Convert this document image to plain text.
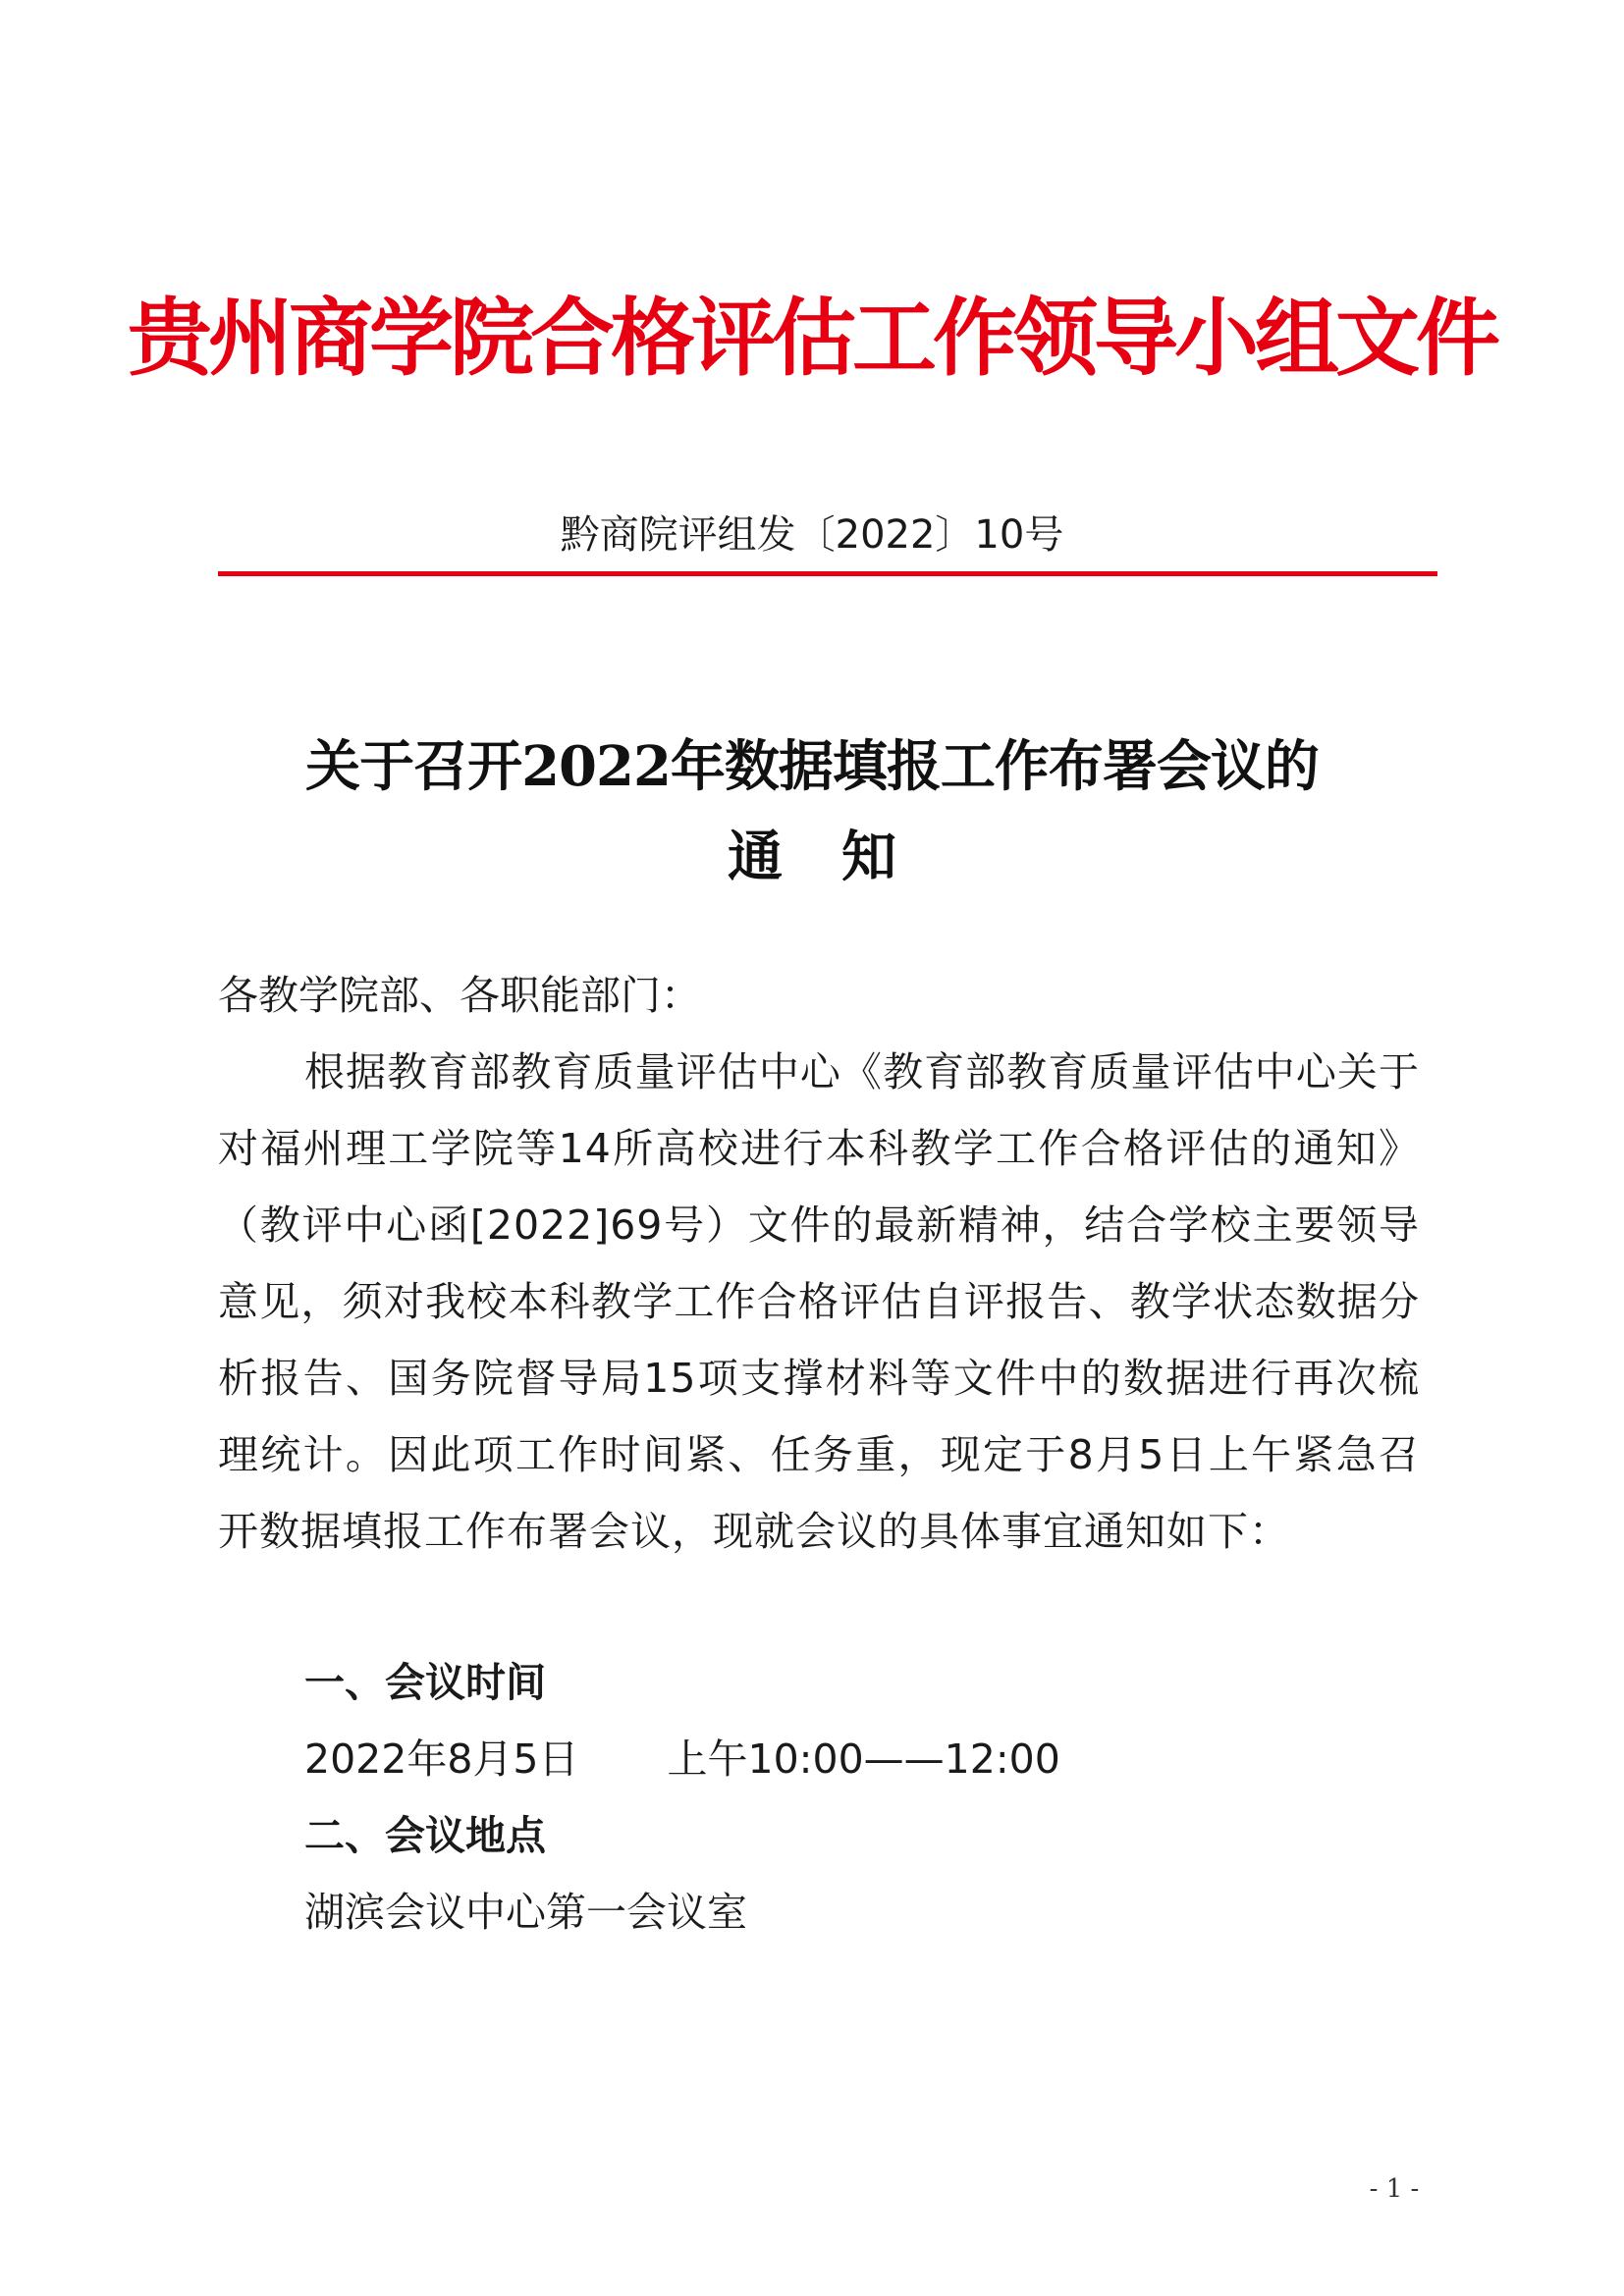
贵州商学院合格评估工作领导小组文件
黔商院评组发〔2022〕10号
关于召开2022年数据填报工作布署会议的
通知
各教学院部、各职能部门：
根据教育部教育质量评估中心《教育部教育质量评估中心关于对福州理工学院等14所高校进行本科教学工作合格评估的通知》（教评中心函[2022]69号）文件的最新精神，结合学校主要领导意见，须对我校本科教学工作合格评估自评报告、教学状态数据分析报告、国务院督导局15项支撑材料等文件中的数据进行再次梳理统计。因此项工作时间紧、任务重，现定于8月5日上午紧急召开数据填报工作布署会议，现就会议的具体事宜通知如下：
一、会议时间
2022年8月5日 上午10:00——12:00
二、会议地点
湖滨会议中心第一会议室
- 1 -
